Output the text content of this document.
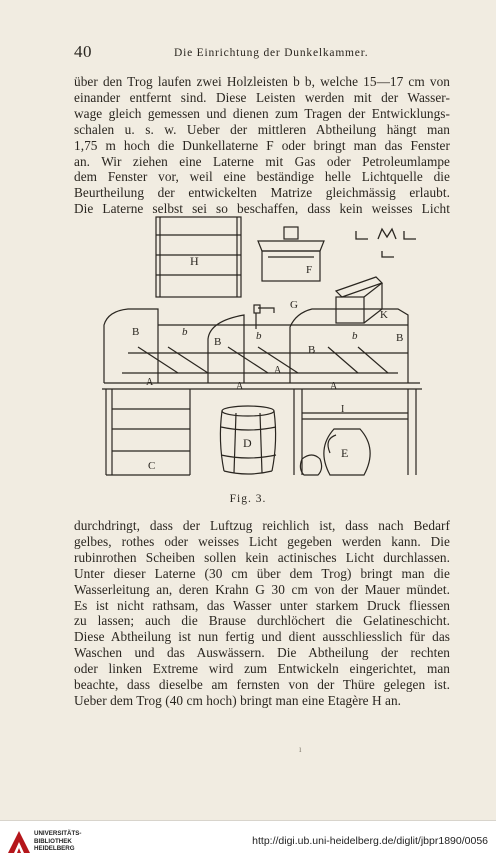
40	Die Einrichtung der Dunkelkammer.
über den Trog laufen zwei Holzleisten b b, welche 15—17 cm von
einander entfernt sind. Diese Leisten werden mit der Wasser-
wage gleich gemessen und dienen zum Tragen der Entwicklungs-
schalen u. s. w. Ueber der mittleren Abtheilung hängt man
1,75 m hoch die Dunkellaterne F oder bringt man das Fenster
an. Wir ziehen eine Laterne mit Gas oder Petroleumlampe
dem Fenster vor, weil eine beständige helle Lichtquelle die
Beurtheilung der entwickelten Matrize gleichmässig erlaubt.
Die Laterne selbst sei so beschaffen, dass kein weisses Licht
H
F
G
K
B	b
B	b
B
b	B
A
A
A	A
I
D
E
C
Fig. 3.
durchdringt, dass der Luftzug reichlich ist, dass nach Bedarf
gelbes, rothes oder weisses Licht gegeben werden kann. Die
rubinrothen Scheiben sollen kein actinisches Licht durchlassen.
Unter dieser Laterne (30 cm über dem Trog) bringt man die
Wasserleitung an, deren Krahn G 30 cm von der Mauer mündet.
Es ist nicht rathsam, das Wasser unter starkem Druck fliessen
zu lassen; auch die Brause durchlöchert die Gelatineschicht.
Diese Abtheilung ist nun fertig und dient ausschliesslich für das
Waschen und das Auswässern. Die Abtheilung der rechten
oder linken Extreme wird zum Entwickeln eingerichtet, man
beachte, dass dieselbe am fernsten von der Thüre gelegen ist.
Ueber dem Trog (40 cm hoch) bringt man eine Etagère H an.
ı
UNIVERSITÄTS-
BIBLIOTHEK
HEIDELBERG
http://digi.ub.uni-heidelberg.de/diglit/jbpr1890/0056
